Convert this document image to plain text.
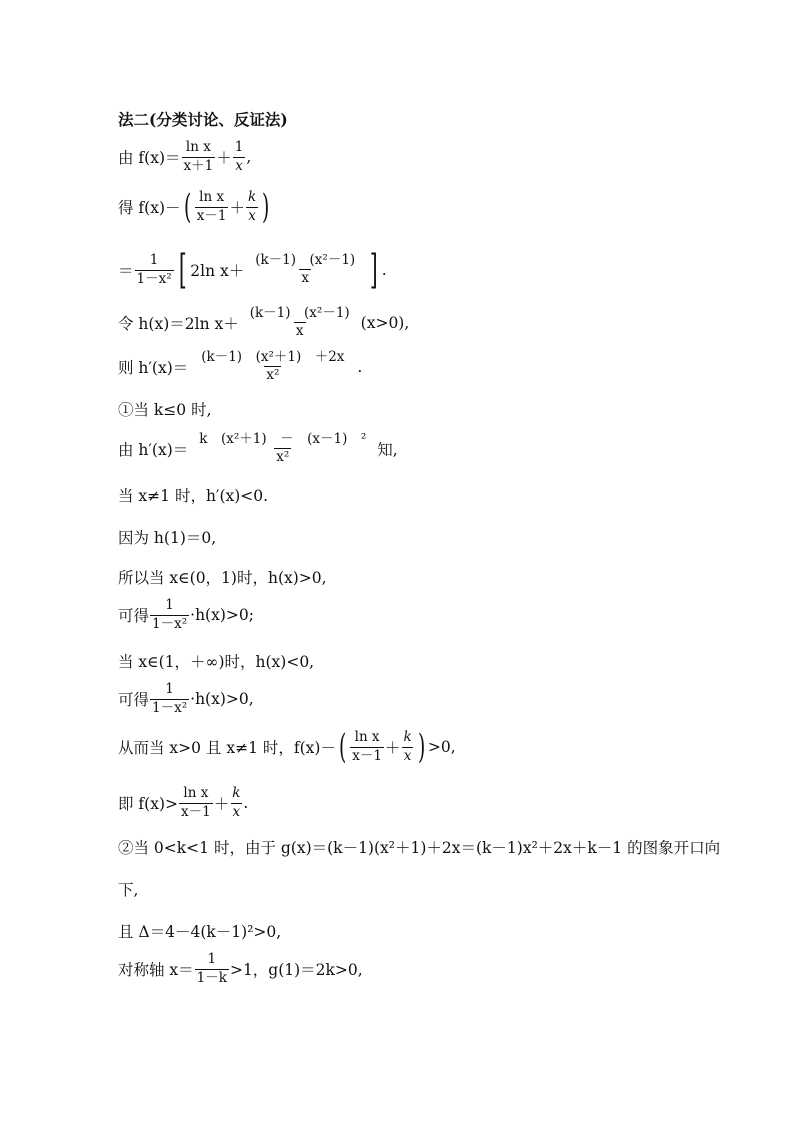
法二(分类讨论、反证法)
由 $f(x)= \frac{\text{ln x}}{x+1} + \frac{1}{x}$ ,
得 f(x)－ ( $\frac{\text{ln x}}{x-1} + \frac{k}{x}$ )
＝ $\frac{1}{\text{1－x²}}$ [ 2ln $x+ \frac{\text{(k－1)　(x²－1)}}{x}$ ] .
令 h(x)＝2ln $x+ \frac{\text{(k－1)　(x²－1)}}{x} (x>0)$,
则 $h'(x)= \frac{\text{(k－1)　(x²＋1)　＋2x}}{\text{x²}}$ .
①当 k≤0 时,
由 $h'(x)= \frac{\text{k　(x²＋1)　－　(x－1)　²}}{\text{x²}}$ 知,
当 x≠1 时，h′(x)<0.
因为 h(1)＝0,
所以当 x∈(0，1)时，h(x)>0,
可得 $\frac{1}{\text{1－x²}} \cdot h(x)>0$;
当 x∈(1，＋∞)时，h(x)<0,
可得 $\frac{1}{\text{1－x²}} \cdot h(x)>0$,
从而当 x>0 且 x≠1 时，f(x)－ ( $\frac{\text{ln x}}{x-1} + \frac{k}{x}$ ) >0,
即 $f(x)> \frac{\text{ln x}}{x-1} + \frac{k}{x}$ .
②当 0<k<1 时，由于 g(x)＝(k－1)(x²＋1)＋2x＝(k－1)x²＋2x＋k－1 的图象开口向
下,
且 Δ＝4－4(k－1)²>0,
对称轴 $x= \frac{1}{1-k} >1$，g(1)＝2k>0,
